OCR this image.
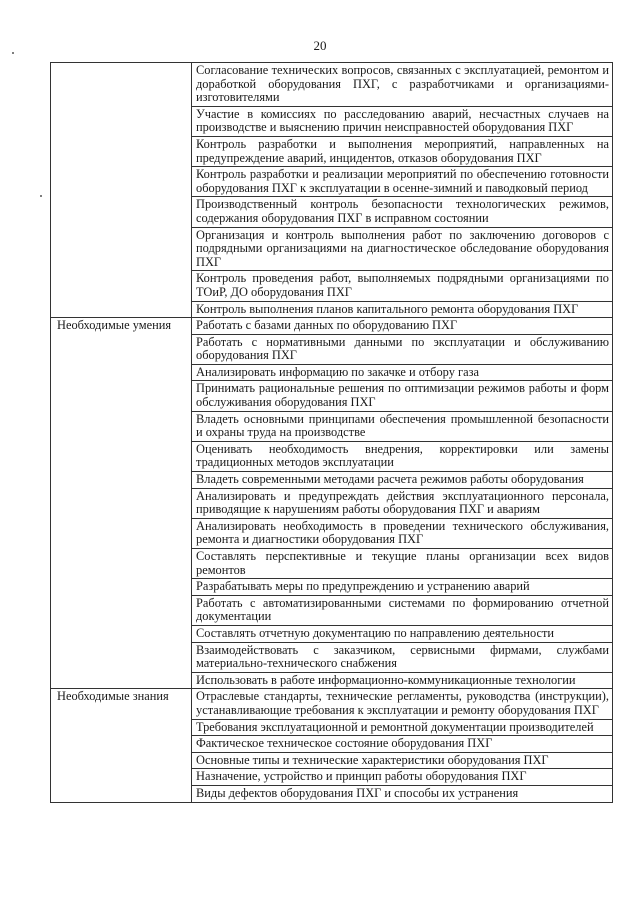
20
	Согласование технических вопросов, связанных с эксплуатацией, ремонтом и доработкой оборудования ПХГ, с разработчиками и организациями-изготовителями
	Участие в комиссиях по расследованию аварий, несчастных случаев на производстве и выяснению причин неисправностей оборудования ПХГ
	Контроль разработки и выполнения мероприятий, направленных на предупреждение аварий, инцидентов, отказов оборудования ПХГ
	Контроль разработки и реализации мероприятий по обеспечению готовности оборудования ПХГ к эксплуатации в осенне-зимний и паводковый период
	Производственный контроль безопасности технологических режимов, содержания оборудования ПХГ в исправном состоянии
	Организация и контроль выполнения работ по заключению договоров с подрядными организациями на диагностическое обследование оборудования ПХГ
	Контроль проведения работ, выполняемых подрядными организациями по ТОиР, ДО оборудования ПХГ
	Контроль выполнения планов капитального ремонта оборудования ПХГ
Необходимые умения	Работать с базами данных по оборудованию ПХГ
	Работать с нормативными данными по эксплуатации и обслуживанию оборудования ПХГ
	Анализировать информацию по закачке и отбору газа
	Принимать рациональные решения по оптимизации режимов работы и форм обслуживания оборудования ПХГ
	Владеть основными принципами обеспечения промышленной безопасности и охраны труда на производстве
	Оценивать необходимость внедрения, корректировки или замены традиционных методов эксплуатации
	Владеть современными методами расчета режимов работы оборудования
	Анализировать и предупреждать действия эксплуатационного персонала, приводящие к нарушениям работы оборудования ПХГ и авариям
	Анализировать необходимость в проведении технического обслуживания, ремонта и диагностики оборудования ПХГ
	Составлять перспективные и текущие планы организации всех видов ремонтов
	Разрабатывать меры по предупреждению и устранению аварий
	Работать с автоматизированными системами по формированию отчетной документации
	Составлять отчетную документацию по направлению деятельности
	Взаимодействовать с заказчиком, сервисными фирмами, службами материально-технического снабжения
	Использовать в работе информационно-коммуникационные технологии
Необходимые знания	Отраслевые стандарты, технические регламенты, руководства (инструкции), устанавливающие требования к эксплуатации и ремонту оборудования ПХГ
	Требования эксплуатационной и ремонтной документации производителей
	Фактическое техническое состояние оборудования ПХГ
	Основные типы и технические характеристики оборудования ПХГ
	Назначение, устройство и принцип работы оборудования ПХГ
	Виды дефектов оборудования ПХГ и способы их устранения
